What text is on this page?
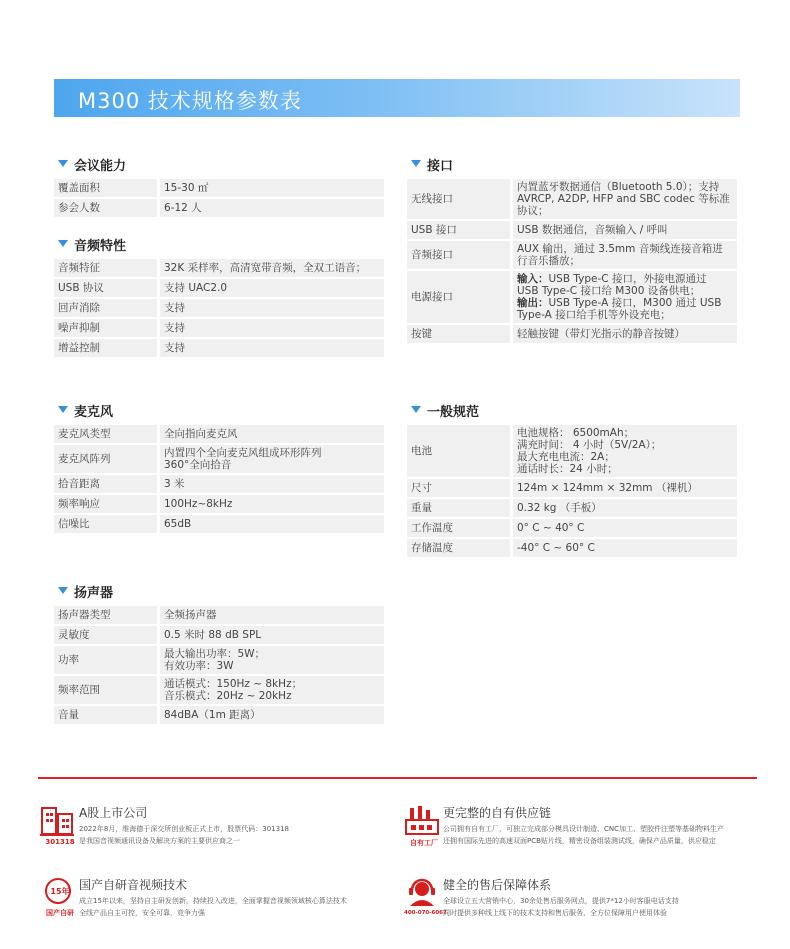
M300 技术规格参数表
会议能力
覆盖面积	15-30 ㎡
参会人数	6-12 人
音频特性
音频特征	32K 采样率，高清宽带音频，全双工语音；
USB 协议	支持 UAC2.0
回声消除	支持
噪声抑制	支持
增益控制	支持
接口
无线接口	内置蓝牙数据通信（Bluetooth 5.0）；支持
AVRCP, A2DP, HFP and SBC codec 等标准
协议；
USB 接口	USB 数据通信，音频输入 / 呼叫
音频接口	AUX 输出，通过 3.5mm 音频线连接音箱进
行音乐播放；
电源接口	输入：USB Type-C 接口，外接电源通过
USB Type-C 接口给 M300 设备供电；
输出：USB Type-A 接口，M300 通过 USB
Type-A 接口给手机等外设充电；
按键	轻触按键（带灯光指示的静音按键）
麦克风
麦克风类型	全向指向麦克风
麦克风阵列	内置四个全向麦克风组成环形阵列
360°全向拾音
拾音距离	3 米
频率响应	100Hz~8kHz
信噪比	65dB
一般规范
电池	电池规格： 6500mAh；
满充时间： 4 小时（5V/2A）；
最大充电电流：2A；
通话时长：24 小时；
尺寸	124m × 124mm × 32mm （裸机）
重量	0.32 kg （手板）
工作温度	0° C ~ 40° C
存储温度	-40° C ~ 60° C
扬声器
扬声器类型	全频扬声器
灵敏度	0.5 米时 88 dB SPL
功率	最大输出功率：5W；
有效功率：3W
频率范围	通话模式：150Hz ~ 8kHz；
音乐模式：20Hz ~ 20kHz
音量	84dBA（1m 距离）
301318
A股上市公司
2022年8月，维海德于深交所创业板正式上市，股票代码：301318
是我国音视频通讯设备及解决方案的主要供应商之一	自有工厂
更完整的自有供应链
公司拥有自有工厂，可独立完成部分模具设计制造、CNC加工、塑胶件注塑等基础物料生产
还拥有国际先进的高速双面PCB贴片线，精密设备组装测试线，确保产品质量，供应稳定
15年
国产自研
国产自研音视频技术
成立15年以来，坚持自主研发创新，持续投入改进，全面掌握音视频领域核心算法技术
全线产品自主可控，安全可靠，竞争力强	400-070-6067
健全的售后保障体系
全球设立五大营销中心，30余处售后服务网点，提供7*12小时客服电话支持
同时提供多种线上线下的技术支持和售后服务，全方位保障用户使用体验
